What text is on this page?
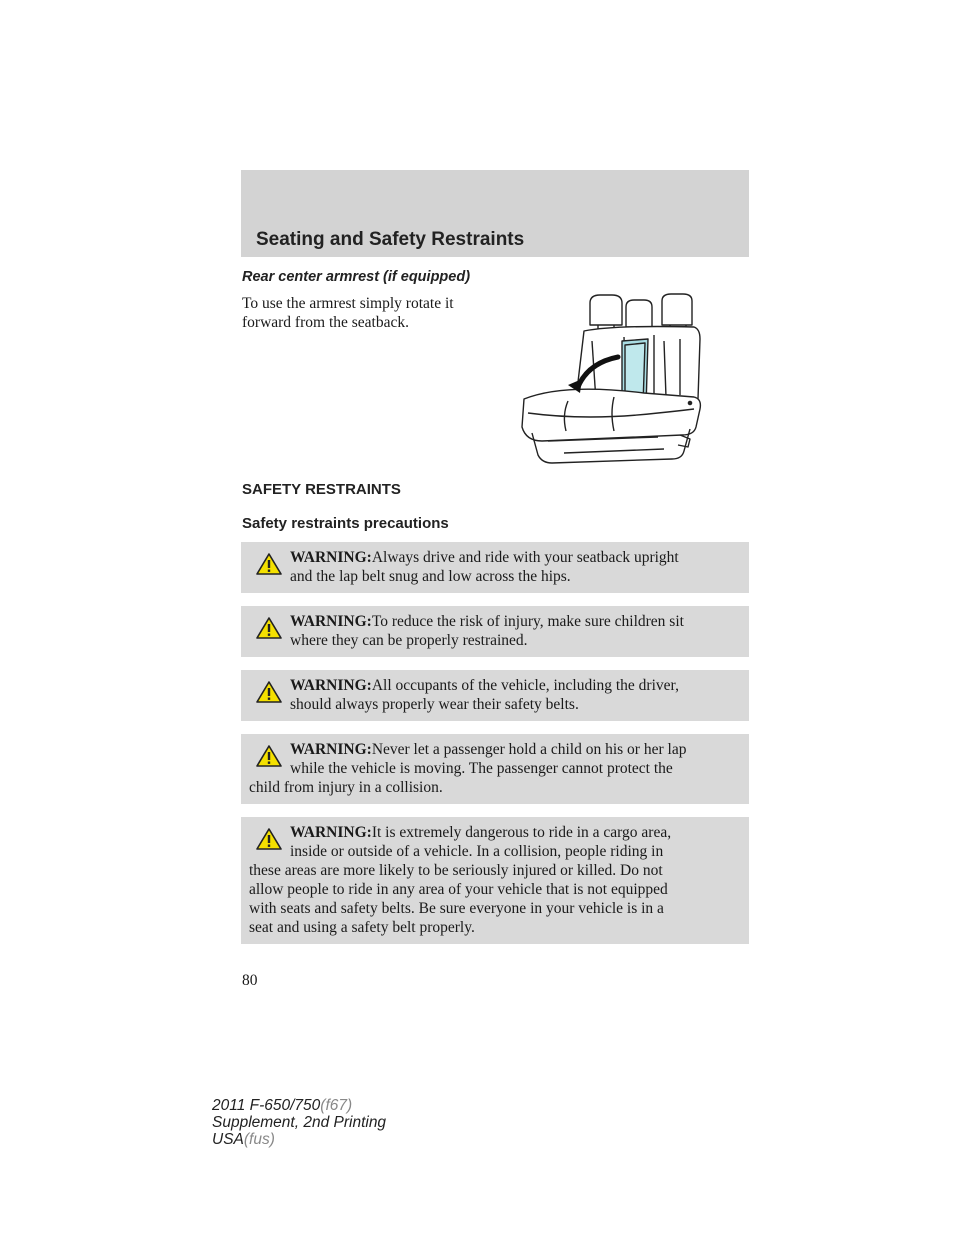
Seating and Safety Restraints
Rear center armrest (if equipped)
To use the armrest simply rotate it
forward from the seatback.
SAFETY RESTRAINTS
Safety restraints precautions
WARNING:Always drive and ride with your seatback upright
and the lap belt snug and low across the hips.
WARNING:To reduce the risk of injury, make sure children sit
where they can be properly restrained.
WARNING:All occupants of the vehicle, including the driver,
should always properly wear their safety belts.
WARNING:Never let a passenger hold a child on his or her lap
while the vehicle is moving. The passenger cannot protect the
child from injury in a collision.
WARNING:It is extremely dangerous to ride in a cargo area,
inside or outside of a vehicle. In a collision, people riding in
these areas are more likely to be seriously injured or killed. Do not
allow people to ride in any area of your vehicle that is not equipped
with seats and safety belts. Be sure everyone in your vehicle is in a
seat and using a safety belt properly.
80
2011 F-650/750(f67)
Supplement, 2nd Printing
USA(fus)
